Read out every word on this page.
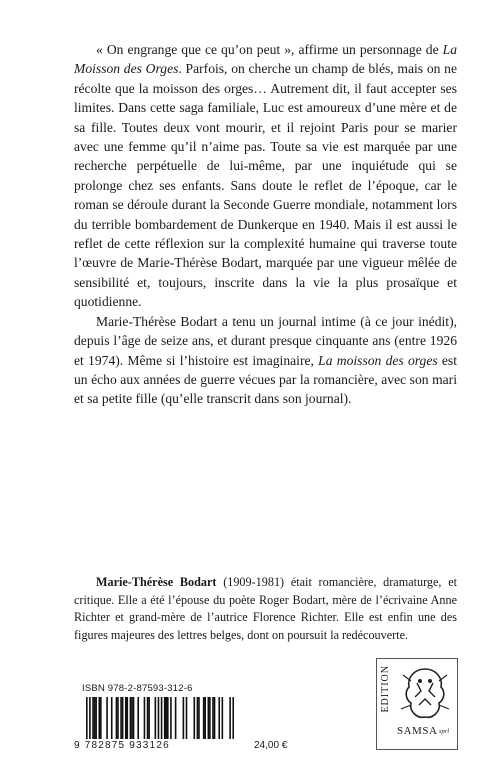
« On engrange que ce qu’on peut », affirme un personnage de La Moisson des Orges. Parfois, on cherche un champ de blés, mais on ne récolte que la moisson des orges… Autrement dit, il faut accepter ses limites. Dans cette saga familiale, Luc est amoureux d’une mère et de sa fille. Toutes deux vont mourir, et il rejoint Paris pour se marier avec une femme qu’il n’aime pas. Toute sa vie est marquée par une recherche perpétuelle de lui-même, par une inquiétude qui se prolonge chez ses enfants. Sans doute le reflet de l’époque, car le roman se déroule durant la Seconde Guerre mondiale, notamment lors du terrible bombardement de Dunkerque en 1940. Mais il est aussi le reflet de cette réflexion sur la complexité humaine qui traverse toute l’œuvre de Marie-Thérèse Bodart, marquée par une vigueur mêlée de sensibilité et, toujours, inscrite dans la vie la plus prosaïque et quotidienne.

Marie-Thérèse Bodart a tenu un journal intime (à ce jour inédit), depuis l’âge de seize ans, et durant presque cinquante ans (entre 1926 et 1974). Même si l’histoire est imaginaire, La moisson des orges est un écho aux années de guerre vécues par la romancière, avec son mari et sa petite fille (qu’elle transcrit dans son journal).

Marie-Thérèse Bodart (1909-1981) était romancière, dramaturge, et critique. Elle a été l’épouse du poète Roger Bodart, mère de l’écrivaine Anne Richter et grand-mère de l’autrice Florence Richter. Elle est enfin une des figures majeures des lettres belges, dont on poursuit la redécouverte.

ISBN 978-2-87593-312-6
9 782875 933126	24,00 €
EDITION
SAMSA sprl
